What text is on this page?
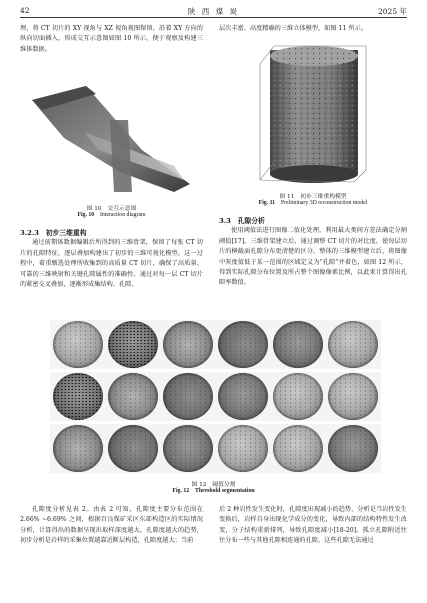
42	陕 西 煤 炭	2025 年

理，将 CT 切片的 XY 视角与 XZ 视角视图保留，沿着 XY 方向的纵向切面插入，形成交互示意图如图 10 所示，便于观察及构建三维体数据。

图 10　交互示意图
Fig. 10  Interaction diagram

3.2.3　初步三维重构

通过前期体数据编辑后所得到的三维骨架，保留了每张 CT 切片的孔隙特征，逐层叠加构建出了初步的三维可视化模型。这一过程中，着重甄选处理所收集到的高质量 CT 切片，确保了高质量、可靠的三维映射和关键孔隙属性的准确性。通过对每一层 CT 切片的紧密交叉叠加，逐渐形成集结构、孔隙、

层次丰富、高度精确的三维立体模型，如图 11 所示。

图 11　初步三维重构模型
Fig. 11  Preliminary 3D reconstruction model

3.3　孔隙分析

使用阈值法进行图像二值化处理，利用最大类间方差法确定分割阈值[17]。三维骨架建立后，通过调整 CT 切片的对比度，使每层切片的横截面孔隙分布更清楚的区分，整体的三维模型建立后，将图像中灰度值低于某一范围的区域定义为“孔隙”并着色，如图 12 所示，得到实际孔隙分布位置及所占整个图像像素比例，以此来计算得出孔隙率数值。

图 12　阈值分割
Fig. 12  Threshold segmentation

孔隙度分析见表 2。由表 2 可知，孔隙度主要分布范围在 2.66% ~6.69% 之间，根据百良煤矿采区东部构造区的实际情况分析，计算得出的数据呈现出取样深度越大，孔隙度越大的趋势，初步分析是岩样的采集位置越靠近断层构造，孔隙度越大；当前

后 2 种岩性发生变化时，孔隙度出现减小的趋势，分析是当岩性发生变换后，岩样自身出现化学成分的变化，导致内部的结构特性发生改变，分子结构重新排列，导致孔隙度减小[18-20]。孤立孔隙附近往往分布一些与其他孔隙相连通的孔隙，这些孔隙无法通过
